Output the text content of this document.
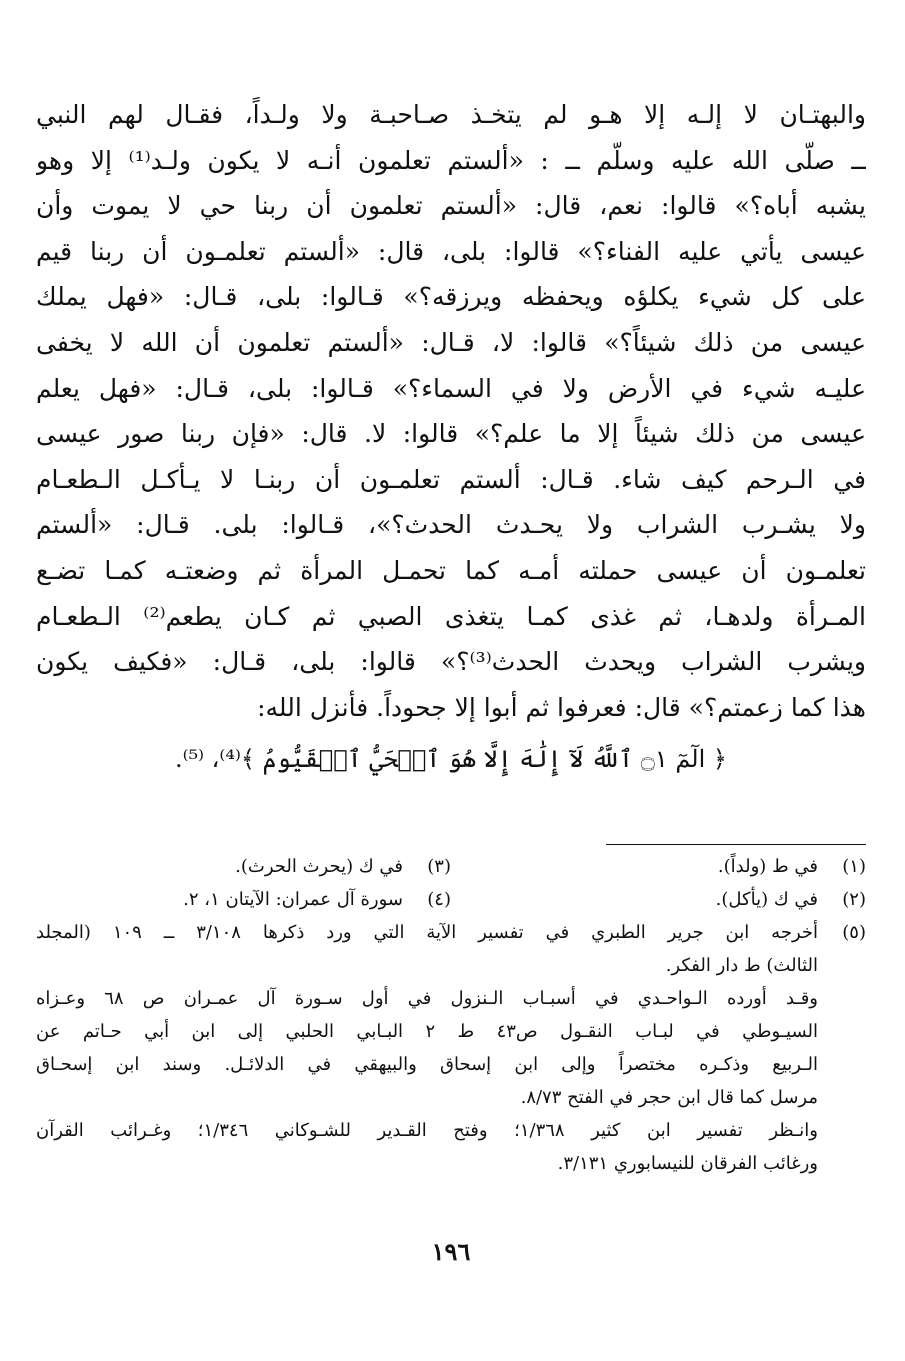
والبهتـان لا إلـه إلا هـو لم يتخـذ صـاحبـة ولا ولـداً، فقـال لهم النبي
ــ صلّى الله عليه وسلّم ــ : «ألستم تعلمون أنـه لا يكون ولـد⁽¹⁾ إلا وهو
يشبه أباه؟» قالوا: نعم، قال: «ألستم تعلمون أن ربنا حي لا يموت وأن
عيسى يأتي عليه الفناء؟» قالوا: بلى، قال: «ألستم تعلمـون أن ربنا قيم
على كل شيء يكلؤه ويحفظه ويرزقه؟» قـالوا: بلى، قـال: «فهل يملك
عيسى من ذلك شيئاً؟» قالوا: لا، قـال: «ألستم تعلمون أن الله لا يخفى
عليـه شيء في الأرض ولا في السماء؟» قـالوا: بلى، قـال: «فهل يعلم
عيسى من ذلك شيئاً إلا ما علم؟» قالوا: لا. قال: «فإن ربنا صور عيسى
في الـرحم كيف شاء. قـال: ألستم تعلمـون أن ربنـا لا يـأكـل الـطعـام
ولا يشـرب الشراب ولا يحـدث الحدث؟»، قـالوا: بلى. قـال: «ألستم
تعلمـون أن عيسى حملته أمـه كما تحمـل المرأة ثم وضعتـه كمـا تضـع
المـرأة ولدهـا، ثم غذى كمـا يتغذى الصبي ثم كـان يطعم⁽²⁾ الـطعـام
ويشرب الشراب ويحدث الحدث⁽³⁾؟» قالوا: بلى، قـال: «فكيف يكون
هذا كما زعمتم؟» قال: فعرفوا ثم أبوا إلا جحوداً. فأنزل الله:
﴿ الٓمٓ ۝١ ٱللَّهُ لَآ إِلَٰهَ إِلَّا هُوَ ٱلۡحَيُّ ٱلۡقَيُّومُ ﴾⁽⁴⁾، ⁽⁵⁾.
(١)
في ط (ولداً).
(٣)
في ك (يحرث الحرث).
(٢)
في ك (يأكل).
(٤)
سورة آل عمران: الآيتان ١، ٢.
(٥)
أخرجه ابن جرير الطبري في تفسير الآية التي ورد ذكرها ٣/١٠٨ ــ ١٠٩ (المجلد
الثالث) ط دار الفكر.
وقـد أورده الـواحـدي في أسبـاب الـنزول في أول سـورة آل عمـران ص ٦٨ وعـزاه
السيـوطي في لبـاب النقـول ص٤٣ ط ٢ البـابي الحلبي إلى ابن أبي حـاتم عن
الـربيع وذكـره مختصراً وإلى ابن إسحاق والبيهقي في الدلائـل. وسند ابن إسحـاق
مرسل كما قال ابن حجر في الفتح ٨/٧٣.
وانـظر تفسير ابن كثير ١/٣٦٨؛ وفتح القـدير للشـوكاني ١/٣٤٦؛ وغـرائب القرآن
ورغائب الفرقان للنيسابوري ٣/١٣١.
١٩٦
